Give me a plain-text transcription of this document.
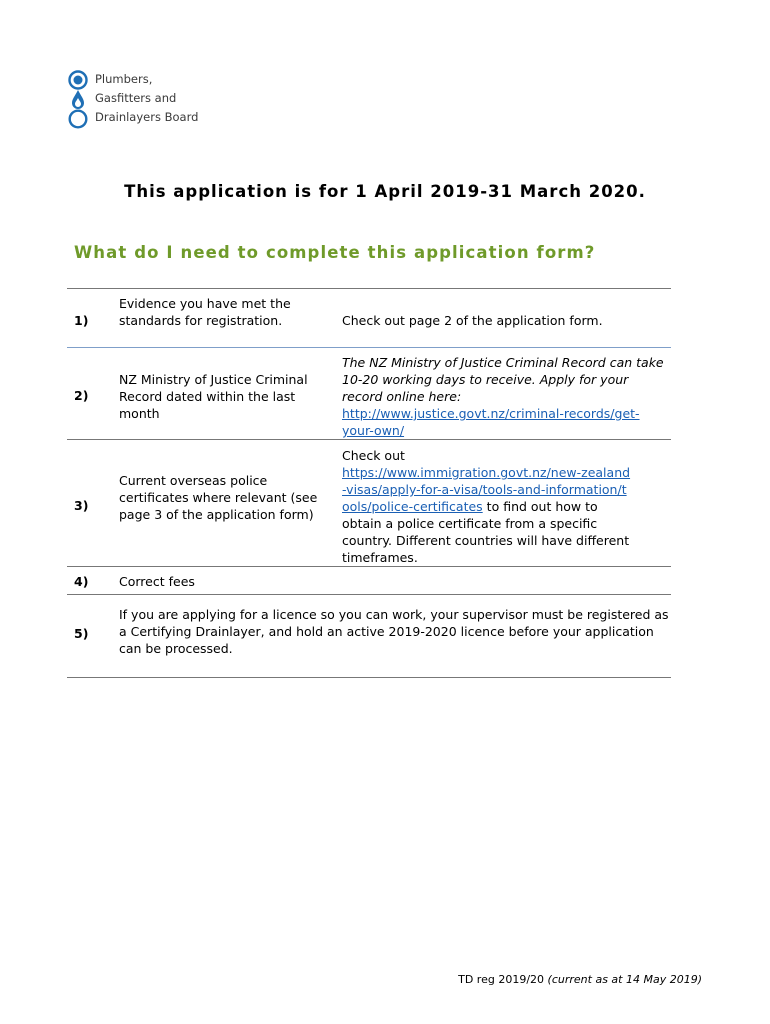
Plumbers,
Gasfitters and
Drainlayers Board
This application is for 1 April 2019-31 March 2020.
What do I need to complete this application form?
1)
Evidence you have met the standards for registration.	Check out page 2 of the application form.
2)
NZ Ministry of Justice Criminal Record dated within the last month
The NZ Ministry of Justice Criminal Record can take 10-20 working days to receive. Apply for your record online here: http://www.justice.govt.nz/criminal-records/get-your-own/
3)
Current overseas police certificates where relevant (see page 3 of the application form)
Check out
https://www.immigration.govt.nz/new-zealand-visas/apply-for-a-visa/tools-and-information/tools/police-certificates to find out how to obtain a police certificate from a specific country. Different countries will have different timeframes.
4)	Correct fees
5)
If you are applying for a licence so you can work, your supervisor must be registered as a Certifying Drainlayer, and hold an active 2019-2020 licence before your application can be processed.
TD reg 2019/20 (current as at 14 May 2019)
